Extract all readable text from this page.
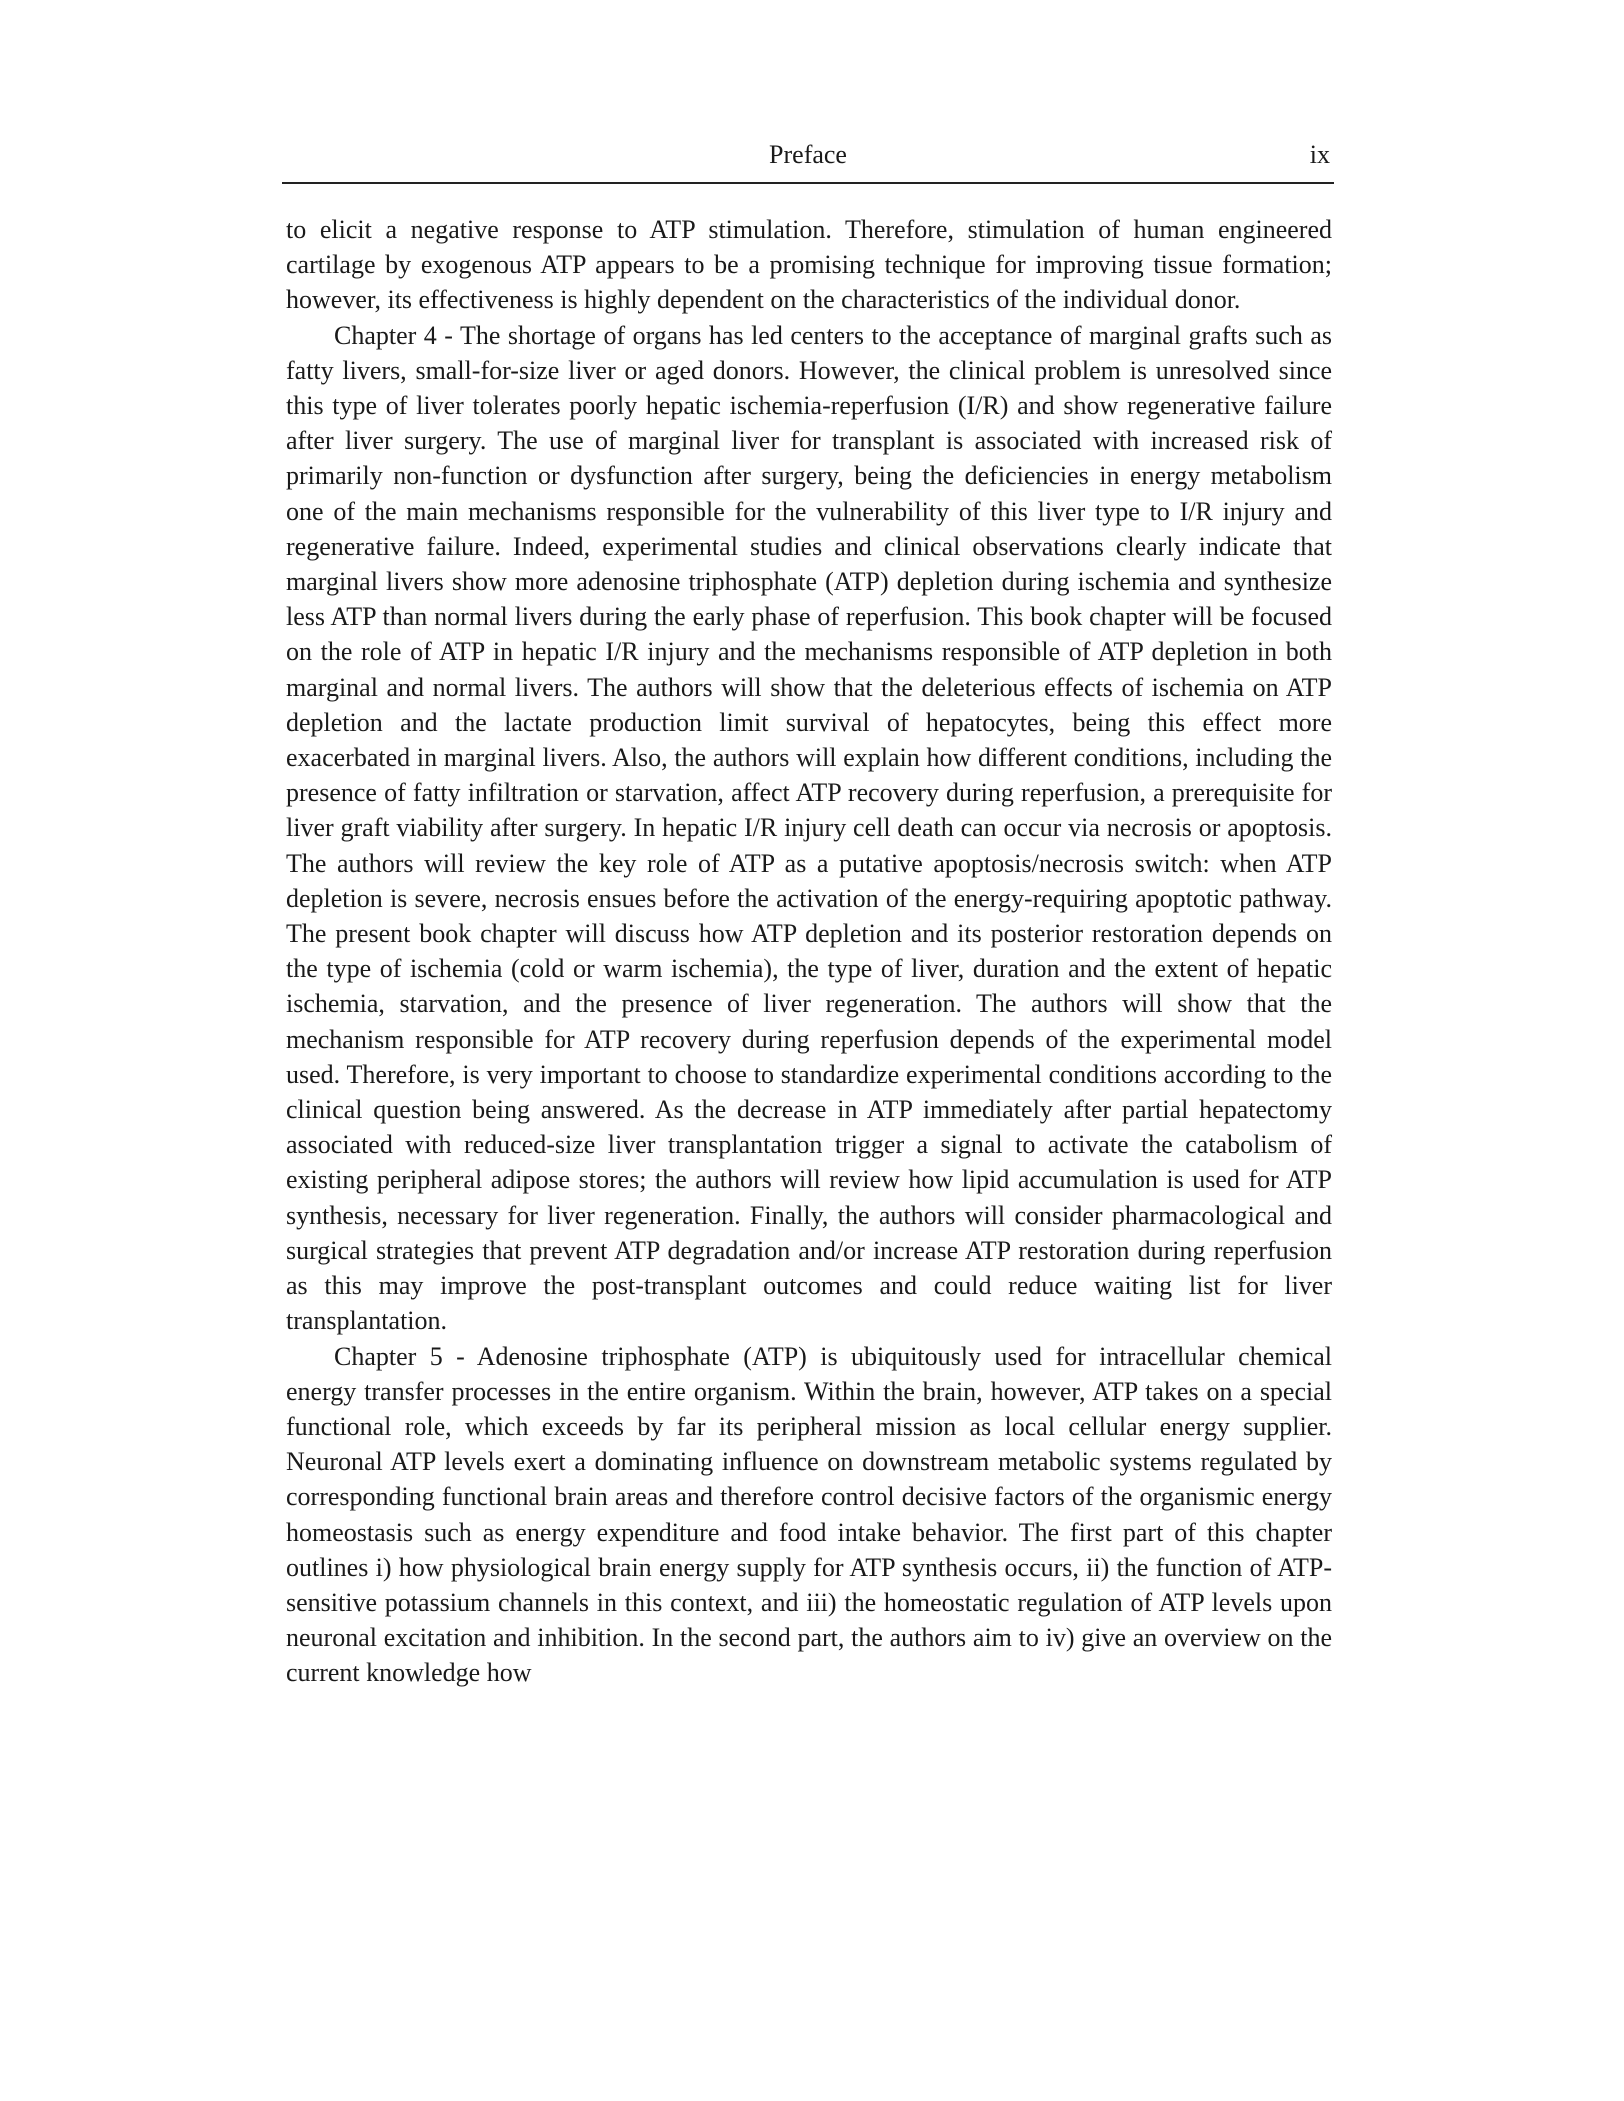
Preface	ix

to elicit a negative response to ATP stimulation. Therefore, stimulation of human engineered cartilage by exogenous ATP appears to be a promising technique for improving tissue formation; however, its effectiveness is highly dependent on the characteristics of the individual donor.

Chapter 4 - The shortage of organs has led centers to the acceptance of marginal grafts such as fatty livers, small-for-size liver or aged donors. However, the clinical problem is unresolved since this type of liver tolerates poorly hepatic ischemia-reperfusion (I/R) and show regenerative failure after liver surgery. The use of marginal liver for transplant is associated with increased risk of primarily non-function or dysfunction after surgery, being the deficiencies in energy metabolism one of the main mechanisms responsible for the vulnerability of this liver type to I/R injury and regenerative failure. Indeed, experimental studies and clinical observations clearly indicate that marginal livers show more adenosine triphosphate (ATP) depletion during ischemia and synthesize less ATP than normal livers during the early phase of reperfusion. This book chapter will be focused on the role of ATP in hepatic I/R injury and the mechanisms responsible of ATP depletion in both marginal and normal livers. The authors will show that the deleterious effects of ischemia on ATP depletion and the lactate production limit survival of hepatocytes, being this effect more exacerbated in marginal livers. Also, the authors will explain how different conditions, including the presence of fatty infiltration or starvation, affect ATP recovery during reperfusion, a prerequisite for liver graft viability after surgery. In hepatic I/R injury cell death can occur via necrosis or apoptosis. The authors will review the key role of ATP as a putative apoptosis/necrosis switch: when ATP depletion is severe, necrosis ensues before the activation of the energy-requiring apoptotic pathway. The present book chapter will discuss how ATP depletion and its posterior restoration depends on the type of ischemia (cold or warm ischemia), the type of liver, duration and the extent of hepatic ischemia, starvation, and the presence of liver regeneration. The authors will show that the mechanism responsible for ATP recovery during reperfusion depends of the experimental model used. Therefore, is very important to choose to standardize experimental conditions according to the clinical question being answered. As the decrease in ATP immediately after partial hepatectomy associated with reduced-size liver transplantation trigger a signal to activate the catabolism of existing peripheral adipose stores; the authors will review how lipid accumulation is used for ATP synthesis, necessary for liver regeneration. Finally, the authors will consider pharmacological and surgical strategies that prevent ATP degradation and/or increase ATP restoration during reperfusion as this may improve the post-transplant outcomes and could reduce waiting list for liver transplantation.

Chapter 5 - Adenosine triphosphate (ATP) is ubiquitously used for intracellular chemical energy transfer processes in the entire organism. Within the brain, however, ATP takes on a special functional role, which exceeds by far its peripheral mission as local cellular energy supplier. Neuronal ATP levels exert a dominating influence on downstream metabolic systems regulated by corresponding functional brain areas and therefore control decisive factors of the organismic energy homeostasis such as energy expenditure and food intake behavior. The first part of this chapter outlines i) how physiological brain energy supply for ATP synthesis occurs, ii) the function of ATP-sensitive potassium channels in this context, and iii) the homeostatic regulation of ATP levels upon neuronal excitation and inhibition. In the second part, the authors aim to iv) give an overview on the current knowledge how
